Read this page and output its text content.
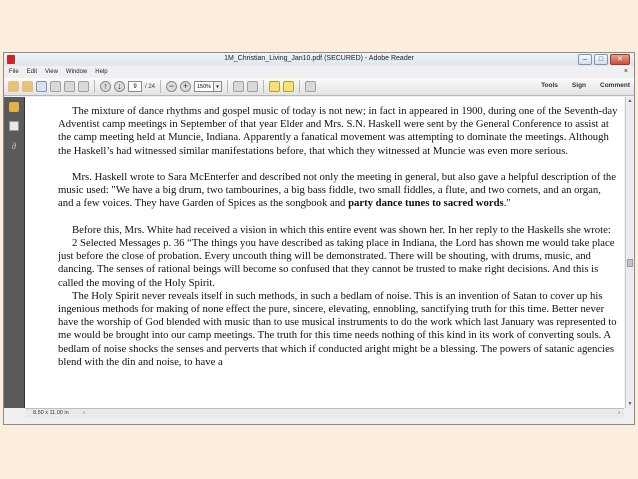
1M_Christian_Living_Jan10.pdf (SECURED) - Adobe Reader	–	□	✕
File Edit View Window Help	×
↑	↓	9	/ 24	− +	150%	▾	Tools Sign Comment
∂

The mixture of dance rhythms and gospel music of today is not new; in fact in appeared in 1900, during one of the Seventh-day Adventist camp meetings in September of that year Elder and Mrs. S.N. Haskell were sent by the General Conference to assist at the camp meeting held at Muncie, Indiana. Apparently a fanatical movement was attempting to dominate the meetings. Although the Haskell’s had witnessed similar manifestations before, that which they witnessed at Muncie was even more serious.

Mrs. Haskell wrote to Sara McEnterfer and described not only the meeting in general, but also gave a helpful description of the music used: "We have a big drum, two tambourines, a big bass fiddle, two small fiddles, a flute, and two cornets, and an organ, and a few voices. They have Garden of Spices as the songbook and party dance tunes to sacred words."

Before this, Mrs. White had received a vision in which this entire event was shown her. In her reply to the Haskells she wrote:

2 Selected Messages p. 36 “The things you have described as taking place in Indiana, the Lord has shown me would take place just before the close of probation. Every uncouth thing will be demonstrated. There will be shouting, with drums, music, and dancing. The senses of rational beings will become so confused that they cannot be trusted to make right decisions. And this is called the moving of the Holy Spirit.

The Holy Spirit never reveals itself in such methods, in such a bedlam of noise. This is an invention of Satan to cover up his ingenious methods for making of none effect the pure, sincere, elevating, ennobling, sanctifying truth for this time. Better never have the worship of God blended with music than to use musical instruments to do the work which last January was represented to me would be brought into our camp meetings. The truth for this time needs nothing of this kind in its work of converting souls. A bedlam of noise shocks the senses and perverts that which if conducted aright might be a blessing. The powers of satanic agencies blend with the din and noise, to have a

▲
▼
8.50 x 11.00 in	‹	›
